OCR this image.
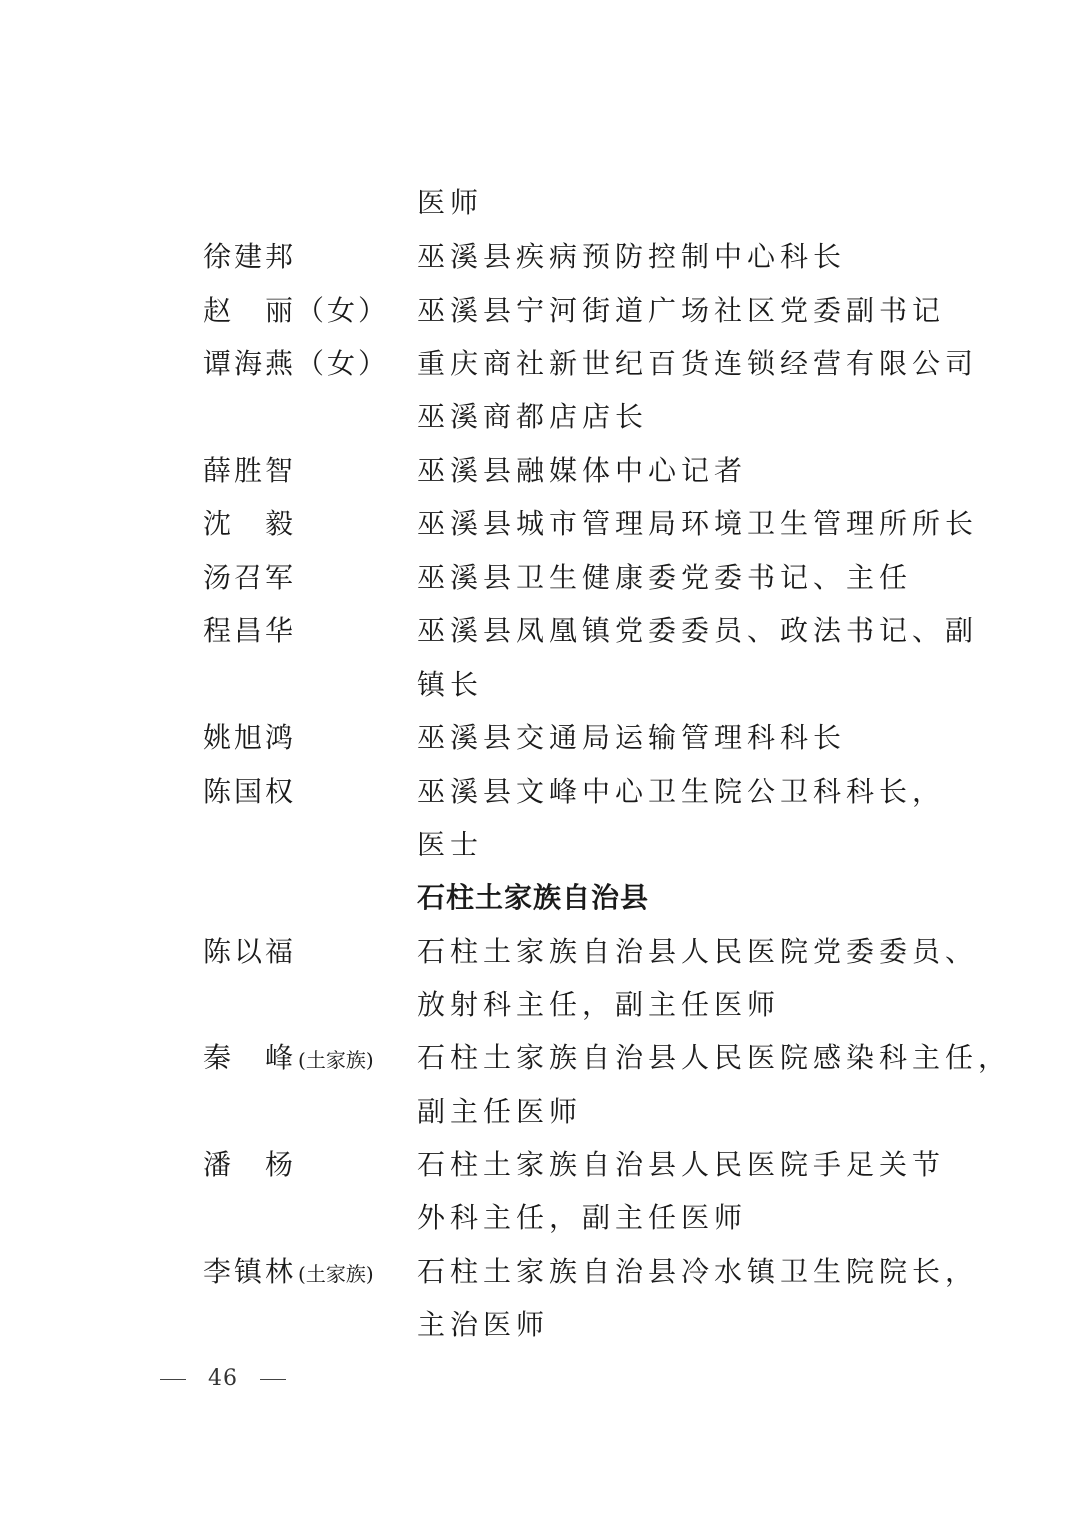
医师
徐建邦	巫溪县疾病预防控制中心科长
赵　丽（女） 巫溪县宁河街道广场社区党委副书记
谭海燕（女） 重庆商社新世纪百货连锁经营有限公司
巫溪商都店店长
薛胜智	巫溪县融媒体中心记者
沈　毅	巫溪县城市管理局环境卫生管理所所长
汤召军	巫溪县卫生健康委党委书记、主任
程昌华	巫溪县凤凰镇党委委员、政法书记、副
镇长
姚旭鸿	巫溪县交通局运输管理科科长
陈国权	巫溪县文峰中心卫生院公卫科科长，
医士
石柱土家族自治县
陈以福	石柱土家族自治县人民医院党委委员、
放射科主任，副主任医师
秦　峰 (土家族) 石柱土家族自治县人民医院感染科主任，
副主任医师
潘　杨	石柱土家族自治县人民医院手足关节
外科主任，副主任医师
李镇林 (土家族) 石柱土家族自治县冷水镇卫生院院长，
主治医师
46
